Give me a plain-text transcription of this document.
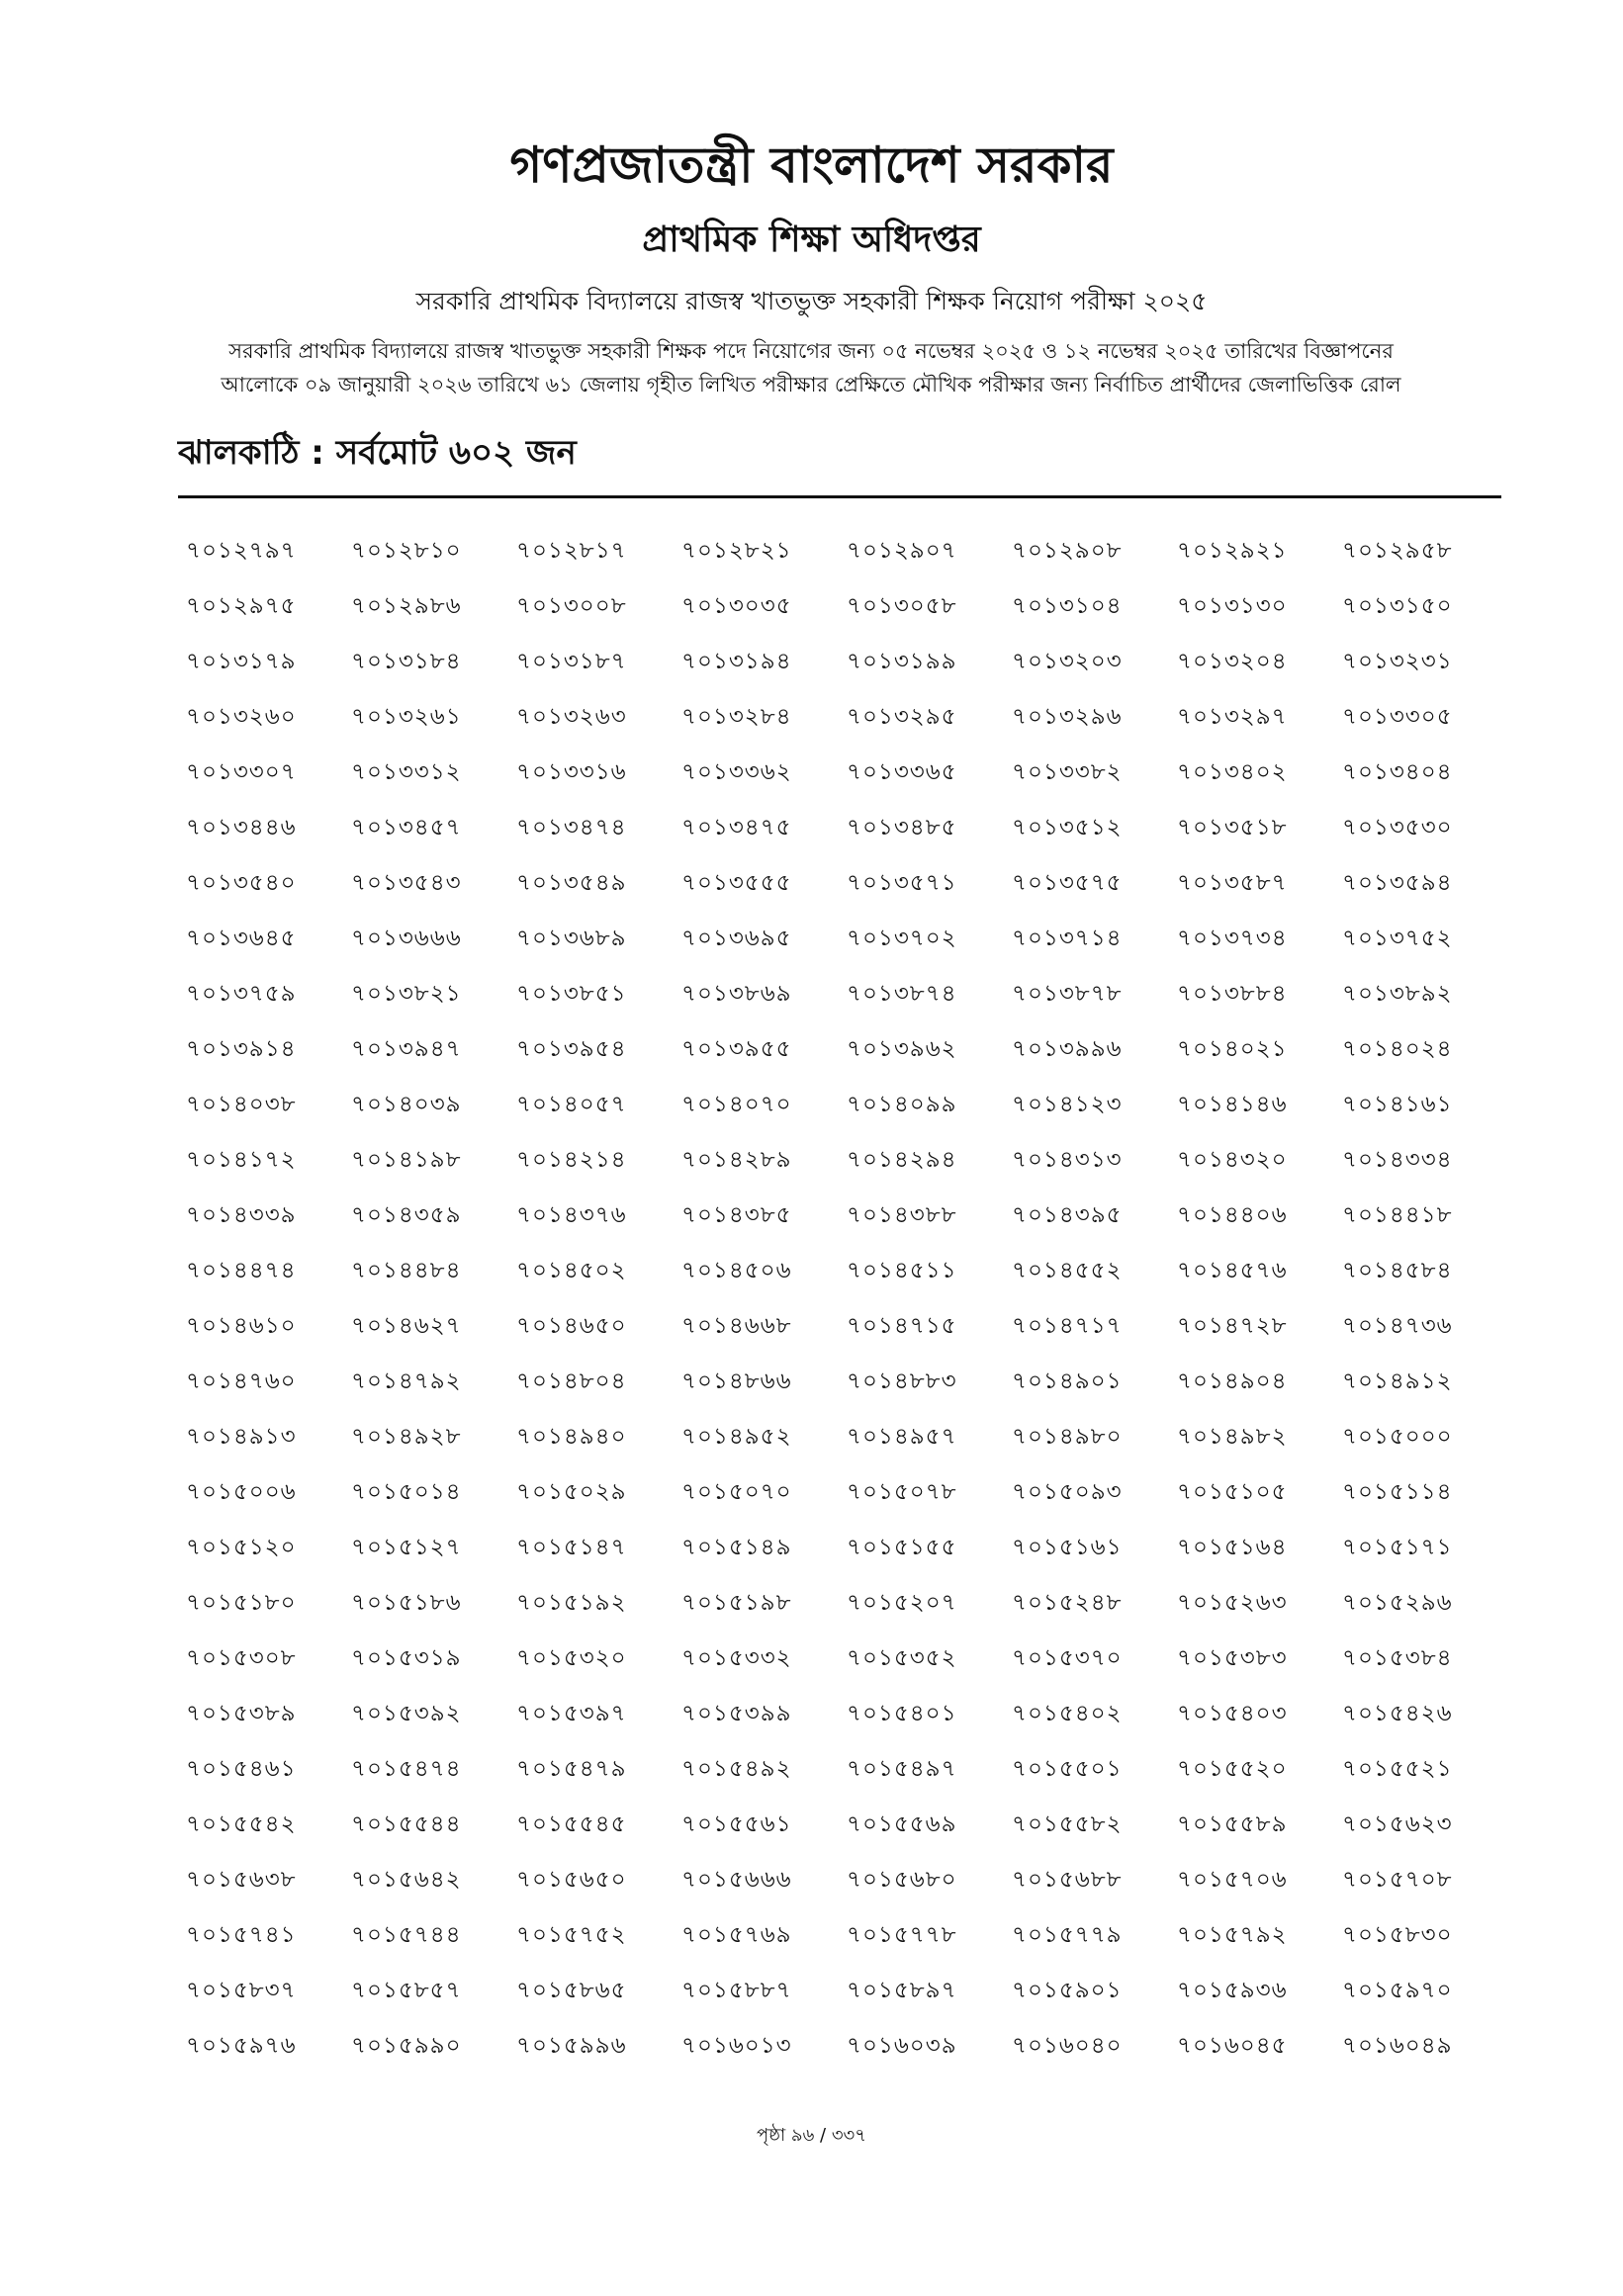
গণপ্রজাতন্ত্রী বাংলাদেশ সরকার
প্রাথমিক শিক্ষা অধিদপ্তর
সরকারি প্রাথমিক বিদ্যালয়ে রাজস্ব খাতভুক্ত সহকারী শিক্ষক নিয়োগ পরীক্ষা ২০২৫
সরকারি প্রাথমিক বিদ্যালয়ে রাজস্ব খাতভুক্ত সহকারী শিক্ষক পদে নিয়োগের জন্য ০৫ নভেম্বর ২০২৫ ও ১২ নভেম্বর ২০২৫ তারিখের বিজ্ঞাপনের
আলোকে ০৯ জানুয়ারী ২০২৬ তারিখে ৬১ জেলায় গৃহীত লিখিত পরীক্ষার প্রেক্ষিতে মৌখিক পরীক্ষার জন্য নির্বাচিত প্রার্থীদের জেলাভিত্তিক রোল
ঝালকাঠি : সর্বমোট ৬০২ জন
৭০১২৭৯৭	৭০১২৮১০	৭০১২৮১৭	৭০১২৮২১	৭০১২৯০৭	৭০১২৯০৮	৭০১২৯২১	৭০১২৯৫৮
৭০১২৯৭৫	৭০১২৯৮৬	৭০১৩০০৮	৭০১৩০৩৫	৭০১৩০৫৮	৭০১৩১০৪	৭০১৩১৩০	৭০১৩১৫০
৭০১৩১৭৯	৭০১৩১৮৪	৭০১৩১৮৭	৭০১৩১৯৪	৭০১৩১৯৯	৭০১৩২০৩	৭০১৩২০৪	৭০১৩২৩১
৭০১৩২৬০	৭০১৩২৬১	৭০১৩২৬৩	৭০১৩২৮৪	৭০১৩২৯৫	৭০১৩২৯৬	৭০১৩২৯৭	৭০১৩৩০৫
৭০১৩৩০৭	৭০১৩৩১২	৭০১৩৩১৬	৭০১৩৩৬২	৭০১৩৩৬৫	৭০১৩৩৮২	৭০১৩৪০২	৭০১৩৪০৪
৭০১৩৪৪৬	৭০১৩৪৫৭	৭০১৩৪৭৪	৭০১৩৪৭৫	৭০১৩৪৮৫	৭০১৩৫১২	৭০১৩৫১৮	৭০১৩৫৩০
৭০১৩৫৪০	৭০১৩৫৪৩	৭০১৩৫৪৯	৭০১৩৫৫৫	৭০১৩৫৭১	৭০১৩৫৭৫	৭০১৩৫৮৭	৭০১৩৫৯৪
৭০১৩৬৪৫	৭০১৩৬৬৬	৭০১৩৬৮৯	৭০১৩৬৯৫	৭০১৩৭০২	৭০১৩৭১৪	৭০১৩৭৩৪	৭০১৩৭৫২
৭০১৩৭৫৯	৭০১৩৮২১	৭০১৩৮৫১	৭০১৩৮৬৯	৭০১৩৮৭৪	৭০১৩৮৭৮	৭০১৩৮৮৪	৭০১৩৮৯২
৭০১৩৯১৪	৭০১৩৯৪৭	৭০১৩৯৫৪	৭০১৩৯৫৫	৭০১৩৯৬২	৭০১৩৯৯৬	৭০১৪০২১	৭০১৪০২৪
৭০১৪০৩৮	৭০১৪০৩৯	৭০১৪০৫৭	৭০১৪০৭০	৭০১৪০৯৯	৭০১৪১২৩	৭০১৪১৪৬	৭০১৪১৬১
৭০১৪১৭২	৭০১৪১৯৮	৭০১৪২১৪	৭০১৪২৮৯	৭০১৪২৯৪	৭০১৪৩১৩	৭০১৪৩২০	৭০১৪৩৩৪
৭০১৪৩৩৯	৭০১৪৩৫৯	৭০১৪৩৭৬	৭০১৪৩৮৫	৭০১৪৩৮৮	৭০১৪৩৯৫	৭০১৪৪০৬	৭০১৪৪১৮
৭০১৪৪৭৪	৭০১৪৪৮৪	৭০১৪৫০২	৭০১৪৫০৬	৭০১৪৫১১	৭০১৪৫৫২	৭০১৪৫৭৬	৭০১৪৫৮৪
৭০১৪৬১০	৭০১৪৬২৭	৭০১৪৬৫০	৭০১৪৬৬৮	৭০১৪৭১৫	৭০১৪৭১৭	৭০১৪৭২৮	৭০১৪৭৩৬
৭০১৪৭৬০	৭০১৪৭৯২	৭০১৪৮০৪	৭০১৪৮৬৬	৭০১৪৮৮৩	৭০১৪৯০১	৭০১৪৯০৪	৭০১৪৯১২
৭০১৪৯১৩	৭০১৪৯২৮	৭০১৪৯৪০	৭০১৪৯৫২	৭০১৪৯৫৭	৭০১৪৯৮০	৭০১৪৯৮২	৭০১৫০০০
৭০১৫০০৬	৭০১৫০১৪	৭০১৫০২৯	৭০১৫০৭০	৭০১৫০৭৮	৭০১৫০৯৩	৭০১৫১০৫	৭০১৫১১৪
৭০১৫১২০	৭০১৫১২৭	৭০১৫১৪৭	৭০১৫১৪৯	৭০১৫১৫৫	৭০১৫১৬১	৭০১৫১৬৪	৭০১৫১৭১
৭০১৫১৮০	৭০১৫১৮৬	৭০১৫১৯২	৭০১৫১৯৮	৭০১৫২০৭	৭০১৫২৪৮	৭০১৫২৬৩	৭০১৫২৯৬
৭০১৫৩০৮	৭০১৫৩১৯	৭০১৫৩২০	৭০১৫৩৩২	৭০১৫৩৫২	৭০১৫৩৭০	৭০১৫৩৮৩	৭০১৫৩৮৪
৭০১৫৩৮৯	৭০১৫৩৯২	৭০১৫৩৯৭	৭০১৫৩৯৯	৭০১৫৪০১	৭০১৫৪০২	৭০১৫৪০৩	৭০১৫৪২৬
৭০১৫৪৬১	৭০১৫৪৭৪	৭০১৫৪৭৯	৭০১৫৪৯২	৭০১৫৪৯৭	৭০১৫৫০১	৭০১৫৫২০	৭০১৫৫২১
৭০১৫৫৪২	৭০১৫৫৪৪	৭০১৫৫৪৫	৭০১৫৫৬১	৭০১৫৫৬৯	৭০১৫৫৮২	৭০১৫৫৮৯	৭০১৫৬২৩
৭০১৫৬৩৮	৭০১৫৬৪২	৭০১৫৬৫০	৭০১৫৬৬৬	৭০১৫৬৮০	৭০১৫৬৮৮	৭০১৫৭০৬	৭০১৫৭০৮
৭০১৫৭৪১	৭০১৫৭৪৪	৭০১৫৭৫২	৭০১৫৭৬৯	৭০১৫৭৭৮	৭০১৫৭৭৯	৭০১৫৭৯২	৭০১৫৮৩০
৭০১৫৮৩৭	৭০১৫৮৫৭	৭০১৫৮৬৫	৭০১৫৮৮৭	৭০১৫৮৯৭	৭০১৫৯০১	৭০১৫৯৩৬	৭০১৫৯৭০
৭০১৫৯৭৬	৭০১৫৯৯০	৭০১৫৯৯৬	৭০১৬০১৩	৭০১৬০৩৯	৭০১৬০৪০	৭০১৬০৪৫	৭০১৬০৪৯
পৃষ্ঠা ৯৬ / ৩৩৭
